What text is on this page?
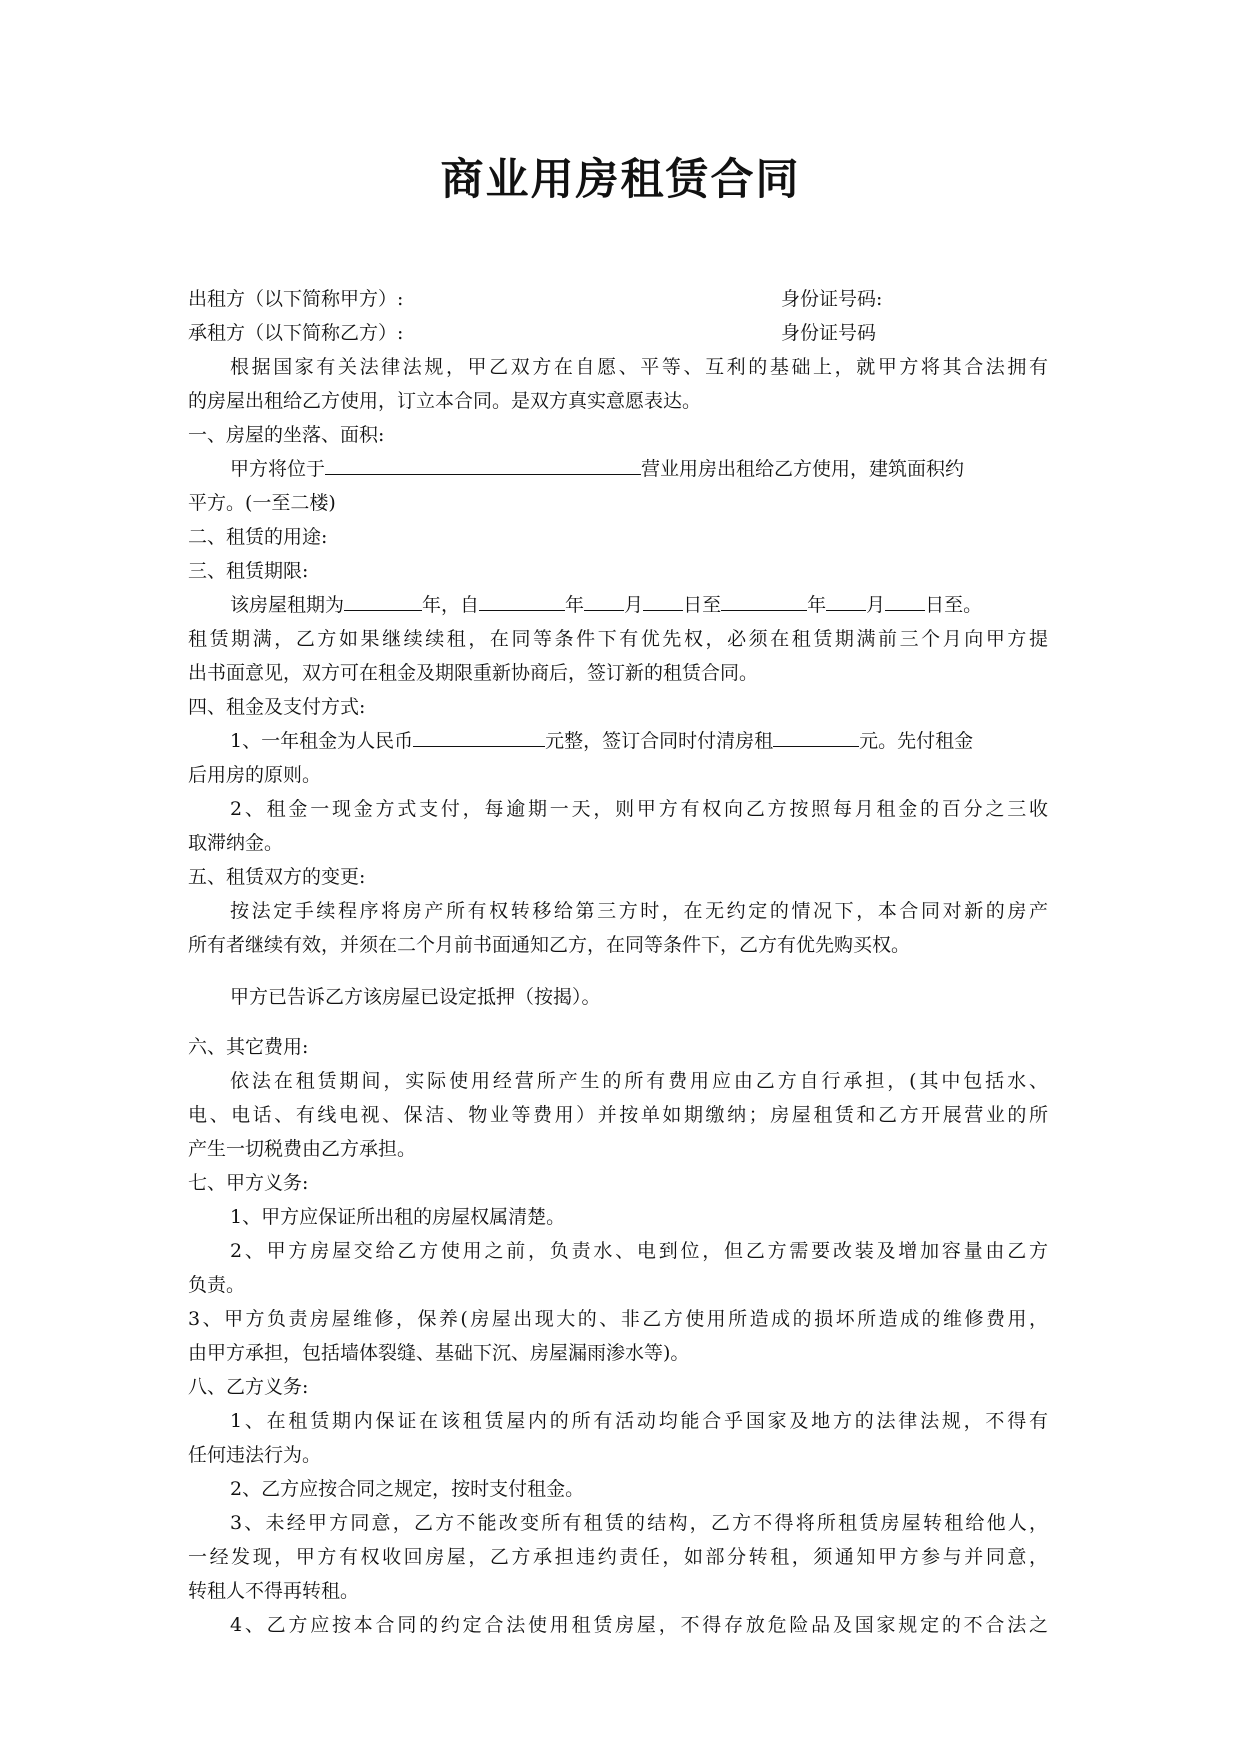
商业用房租赁合同
出租方（以下简称甲方）:	身份证号码:
承租方（以下简称乙方）:	身份证号码
根据国家有关法律法规，甲乙双方在自愿、平等、互利的基础上，就甲方将其合法拥有
的房屋出租给乙方使用，订立本合同。是双方真实意愿表达。
一、房屋的坐落、面积:
甲方将位于	营业用房出租给乙方使用，建筑面积约
平方。(一至二楼)
二、租赁的用途:
三、租赁期限:
该房屋租期为	年，自	年 月 日至	年 月 日至。
租赁期满，乙方如果继续续租，在同等条件下有优先权，必须在租赁期满前三个月向甲方提
出书面意见，双方可在租金及期限重新协商后，签订新的租赁合同。
四、租金及支付方式:
1、一年租金为人民币	元整，签订合同时付清房租	元。先付租金
后用房的原则。
2、租金一现金方式支付，每逾期一天，则甲方有权向乙方按照每月租金的百分之三收
取滞纳金。
五、租赁双方的变更:
按法定手续程序将房产所有权转移给第三方时，在无约定的情况下，本合同对新的房产
所有者继续有效，并须在二个月前书面通知乙方，在同等条件下，乙方有优先购买权。
甲方已告诉乙方该房屋已设定抵押（按揭）。
六、其它费用:
依法在租赁期间，实际使用经营所产生的所有费用应由乙方自行承担，(其中包括水、
电、电话、有线电视、保洁、物业等费用）并按单如期缴纳；房屋租赁和乙方开展营业的所
产生一切税费由乙方承担。
七、甲方义务:
1、甲方应保证所出租的房屋权属清楚。
2、甲方房屋交给乙方使用之前，负责水、电到位，但乙方需要改装及增加容量由乙方
负责。
3、甲方负责房屋维修，保养(房屋出现大的、非乙方使用所造成的损坏所造成的维修费用，
由甲方承担，包括墙体裂缝、基础下沉、房屋漏雨渗水等)。
八、乙方义务:
1、在租赁期内保证在该租赁屋内的所有活动均能合乎国家及地方的法律法规，不得有
任何违法行为。
2、乙方应按合同之规定，按时支付租金。
3、未经甲方同意，乙方不能改变所有租赁的结构，乙方不得将所租赁房屋转租给他人，
一经发现，甲方有权收回房屋，乙方承担违约责任，如部分转租，须通知甲方参与并同意，
转租人不得再转租。
4、乙方应按本合同的约定合法使用租赁房屋，不得存放危险品及国家规定的不合法之
